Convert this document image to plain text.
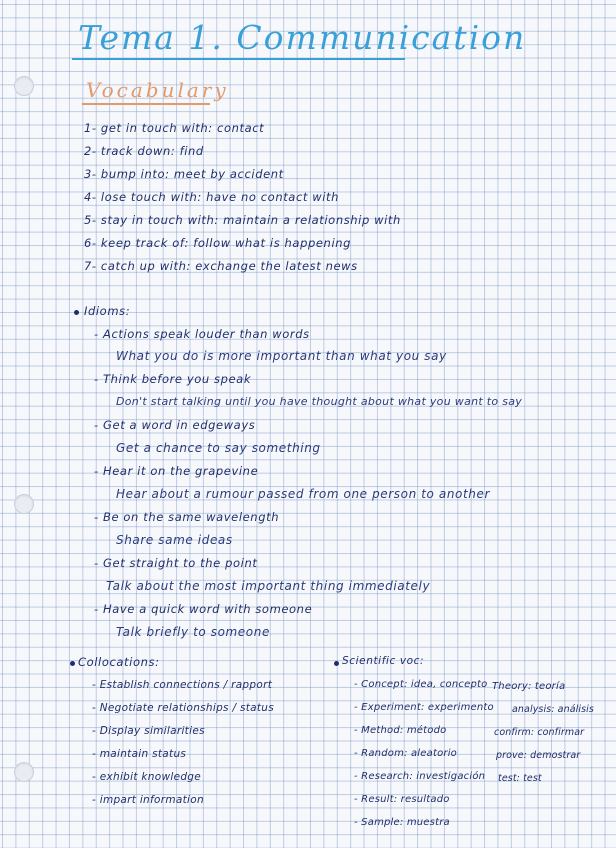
Tema 1. Communication
Vocabulary
1- get in touch with: contact
2- track down: find
3- bump into: meet by accident
4- lose touch with: have no contact with
5- stay in touch with: maintain a relationship with
6- keep track of: follow what is happening
7- catch up with: exchange the latest news
Idioms:
- Actions speak louder than words
What you do is more important than what you say
- Think before you speak
Don't start talking until you have thought about what you want to say
- Get a word in edgeways
Get a chance to say something
- Hear it on the grapevine
Hear about a rumour passed from one person to another
- Be on the same wavelength
Share same ideas
- Get straight to the point
Talk about the most important thing immediately
- Have a quick word with someone
Talk briefly to someone
Collocations:
- Establish connections / rapport
- Negotiate relationships / status
- Display similarities
- maintain status
- exhibit knowledge
- impart information
Scientific voc:
- Concept: idea, concepto
- Experiment: experimento
- Method: método
- Random: aleatorio
- Research: investigación
- Result: resultado
- Sample: muestra
Theory: teoría
analysis: análisis
confirm: confirmar
prove: demostrar
test: test
